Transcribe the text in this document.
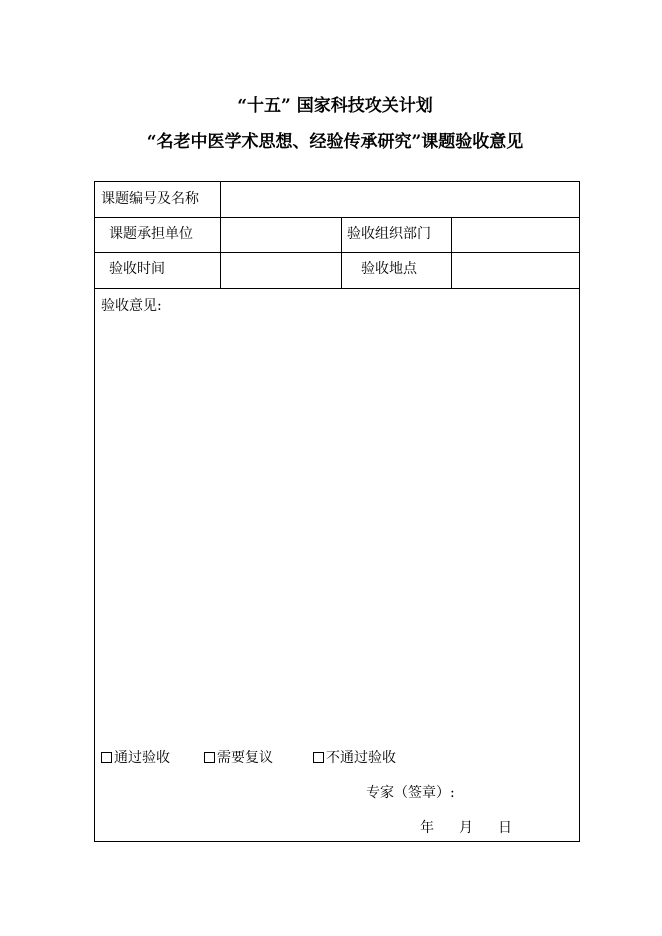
“十五” 国家科技攻关计划
“名老中医学术思想、经验传承研究”课题验收意见
课题编号及名称
课题承担单位	验收组织部门
验收时间	验收地点
验收意见:
通过验收	需要复议	不通过验收
专家（签章）:
年 月 日
